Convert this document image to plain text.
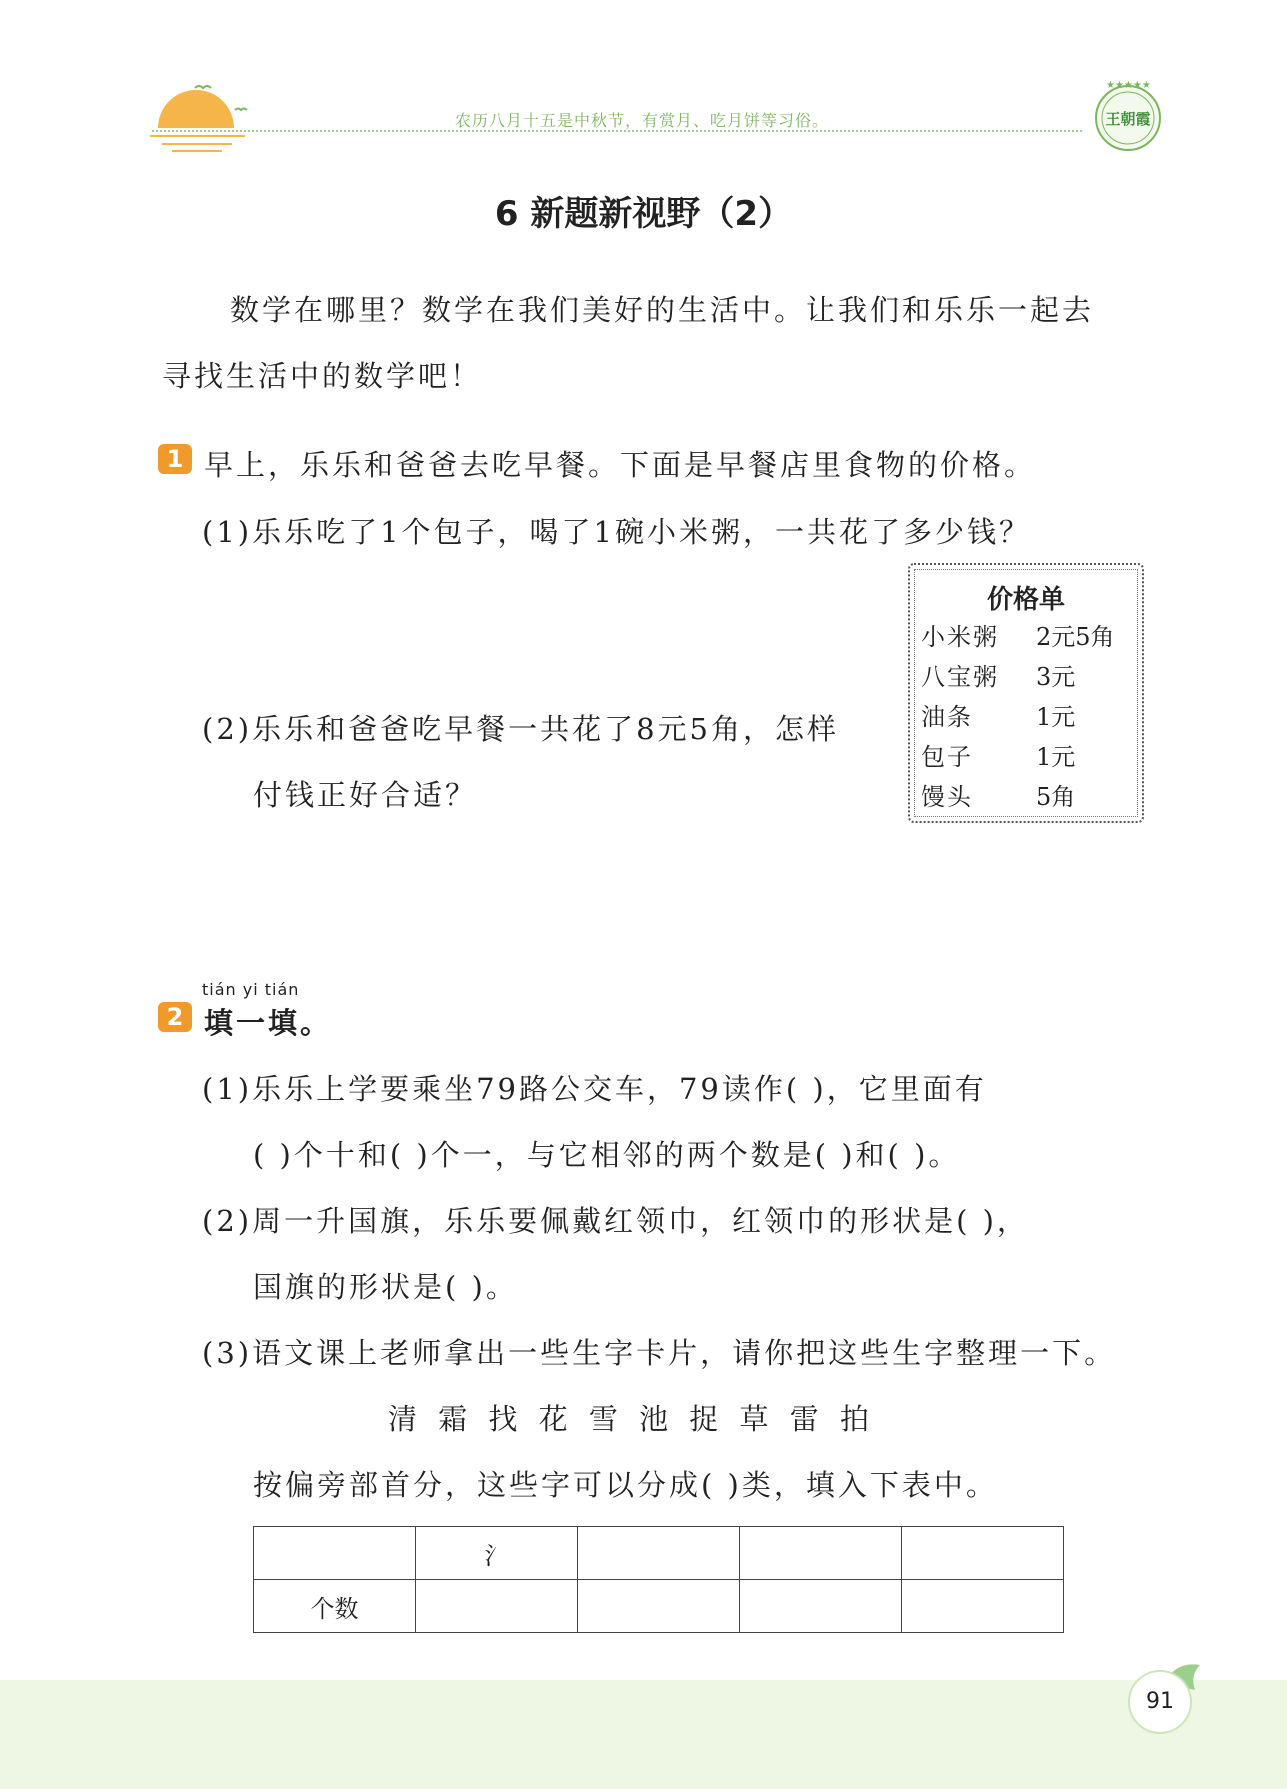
农历八月十五是中秋节，有赏月、吃月饼等习俗。
★★★★★
王朝霞
6 新题新视野（2）
数学在哪里？数学在我们美好的生活中。让我们和乐乐一起去
寻找生活中的数学吧！
1 早上，乐乐和爸爸去吃早餐。下面是早餐店里食物的价格。
(1)乐乐吃了1个包子，喝了1碗小米粥，一共花了多少钱？
(2)乐乐和爸爸吃早餐一共花了8元5角，怎样
付钱正好合适？
价格单
小米粥 2元5角
八宝粥 3元
油条	1元
包子	1元
馒头	5角
tián yi tián
2 填一填。
(1)乐乐上学要乘坐79路公交车，79读作( )，它里面有
( )个十和( )个一，与它相邻的两个数是( )和( )。
(2)周一升国旗，乐乐要佩戴红领巾，红领巾的形状是( )，
国旗的形状是( )。
(3)语文课上老师拿出一些生字卡片，请你把这些生字整理一下。
清 霜 找 花 雪 池 捉 草 雷 拍
按偏旁部首分，这些字可以分成( )类，填入下表中。
	氵			
个数				
91
